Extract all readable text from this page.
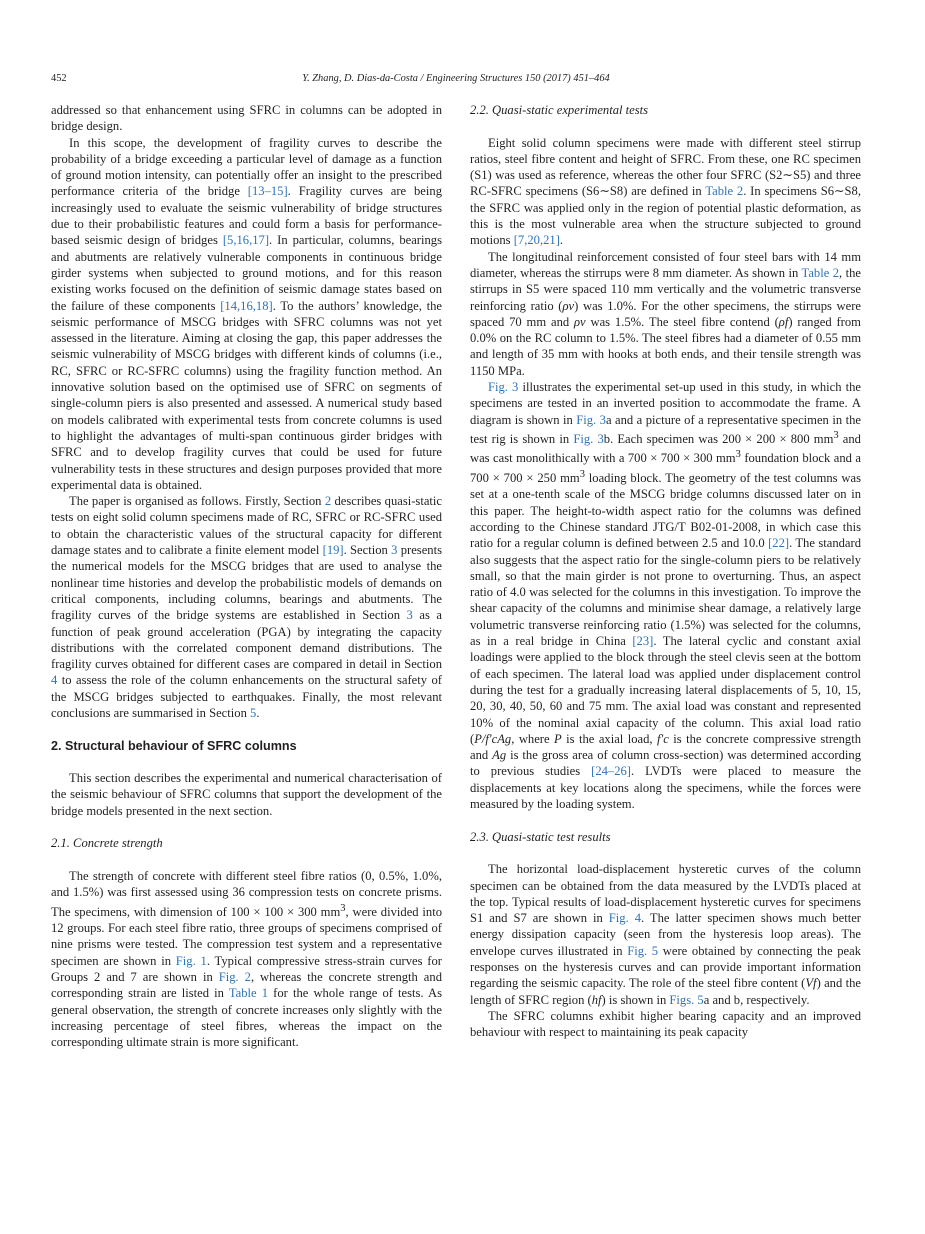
452	Y. Zhang, D. Dias-da-Costa / Engineering Structures 150 (2017) 451–464

addressed so that enhancement using SFRC in columns can be adopted in bridge design.

In this scope, the development of fragility curves to describe the probability of a bridge exceeding a particular level of damage as a function of ground motion intensity, can potentially offer an insight to the prescribed performance criteria of the bridge [13–15]. Fragility curves are being increasingly used to evaluate the seismic vulnerability of bridge structures due to their probabilistic features and could form a basis for performance-based seismic design of bridges [5,16,17]. In particular, columns, bearings and abutments are relatively vulnerable components in continuous bridge girder systems when subjected to ground motions, and for this reason existing works focused on the definition of seismic damage states based on the failure of these components [14,16,18]. To the authors’ knowledge, the seismic performance of MSCG bridges with SFRC columns was not yet assessed in the literature. Aiming at closing the gap, this paper addresses the seismic vulnerability of MSCG bridges with different kinds of columns (i.e., RC, SFRC or RC-SFRC columns) using the fragility function method. An innovative solution based on the optimised use of SFRC on segments of single-column piers is also presented and assessed. A numerical study based on models calibrated with experimental tests from concrete columns is used to highlight the advantages of multi-span continuous girder bridges with SFRC and to develop fragility curves that could be used for future vulnerability tests in these structures and design purposes provided that more experimental data is obtained.

The paper is organised as follows. Firstly, Section 2 describes quasi-static tests on eight solid column specimens made of RC, SFRC or RC-SFRC used to obtain the characteristic values of the structural capacity for different damage states and to calibrate a finite element model [19]. Section 3 presents the numerical models for the MSCG bridges that are used to analyse the nonlinear time histories and develop the probabilistic models of demands on critical components, including columns, bearings and abutments. The fragility curves of the bridge systems are established in Section 3 as a function of peak ground acceleration (PGA) by integrating the capacity distributions with the correlated component demand distributions. The fragility curves obtained for different cases are compared in detail in Section 4 to assess the role of the column enhancements on the structural safety of the MSCG bridges subjected to earthquakes. Finally, the most relevant conclusions are summarised in Section 5.

2. Structural behaviour of SFRC columns

This section describes the experimental and numerical characterisation of the seismic behaviour of SFRC columns that support the development of the bridge models presented in the next section.

2.1. Concrete strength

The strength of concrete with different steel fibre ratios (0, 0.5%, 1.0%, and 1.5%) was first assessed using 36 compression tests on concrete prisms. The specimens, with dimension of 100 × 100 × 300 $mm^3$, were divided into 12 groups. For each steel fibre ratio, three groups of specimens comprised of nine prisms were tested. The compression test system and a representative specimen are shown in Fig. 1. Typical compressive stress-strain curves for Groups 2 and 7 are shown in Fig. 2, whereas the concrete strength and corresponding strain are listed in Table 1 for the whole range of tests. As general observation, the strength of concrete increases only slightly with the increasing percentage of steel fibres, whereas the impact on the corresponding ultimate strain is more significant.

2.2. Quasi-static experimental tests

Eight solid column specimens were made with different steel stirrup ratios, steel fibre content and height of SFRC. From these, one RC specimen (S1) was used as reference, whereas the other four SFRC (S2∼S5) and three RC-SFRC specimens (S6∼S8) are defined in Table 2. In specimens S6∼S8, the SFRC was applied only in the region of potential plastic deformation, as this is the most vulnerable area when the structure subjected to ground motions [7,20,21].

The longitudinal reinforcement consisted of four steel bars with 14 mm diameter, whereas the stirrups were 8 mm diameter. As shown in Table 2, the stirrups in S5 were spaced 110 mm vertically and the volumetric transverse reinforcing ratio (ρv) was 1.0%. For the other specimens, the stirrups were spaced 70 mm and ρv was 1.5%. The steel fibre contend (ρf) ranged from 0.0% on the RC column to 1.5%. The steel fibres had a diameter of 0.55 mm and length of 35 mm with hooks at both ends, and their tensile strength was 1150 MPa.

Fig. 3 illustrates the experimental set-up used in this study, in which the specimens are tested in an inverted position to accommodate the frame. A diagram is shown in Fig. 3a and a picture of a representative specimen in the test rig is shown in Fig. 3b. Each specimen was 200 × 200 × 800 $mm^3$ and was cast monolithically with a 700 × 700 × 300 $mm^3$ foundation block and a 700 × 700 × 250 $mm^3$ loading block. The geometry of the test columns was set at a one-tenth scale of the MSCG bridge columns discussed later on in this paper. The height-to-width aspect ratio for the columns was defined according to the Chinese standard JTG/T B02-01-2008, in which case this ratio for a regular column is defined between 2.5 and 10.0 [22]. The standard also suggests that the aspect ratio for the single-column piers to be relatively small, so that the main girder is not prone to overturning. Thus, an aspect ratio of 4.0 was selected for the columns in this investigation. To improve the shear capacity of the columns and minimise shear damage, a relatively large volumetric transverse reinforcing ratio (1.5%) was selected for the columns, as in a real bridge in China [23]. The lateral cyclic and constant axial loadings were applied to the block through the steel clevis seen at the bottom of each specimen. The lateral load was applied under displacement control during the test for a gradually increasing lateral displacements of 5, 10, 15, 20, 30, 40, 50, 60 and 75 mm. The axial load was constant and represented 10% of the nominal axial capacity of the column. This axial load ratio (P/f′cAg, where P is the axial load, f′c is the concrete compressive strength and Ag is the gross area of column cross-section) was determined according to previous studies [24–26]. LVDTs were placed to measure the displacements at key locations along the specimens, while the forces were measured by the loading system.

2.3. Quasi-static test results

The horizontal load-displacement hysteretic curves of the column specimen can be obtained from the data measured by the LVDTs placed at the top. Typical results of load-displacement hysteretic curves for specimens S1 and S7 are shown in Fig. 4. The latter specimen shows much better energy dissipation capacity (seen from the hysteresis loop areas). The envelope curves illustrated in Fig. 5 were obtained by connecting the peak responses on the hysteresis curves and can provide important information regarding the seismic capacity. The role of the steel fibre content (Vf) and the length of SFRC region (hf) is shown in Figs. 5a and b, respectively.

The SFRC columns exhibit higher bearing capacity and an improved behaviour with respect to maintaining its peak capacity
